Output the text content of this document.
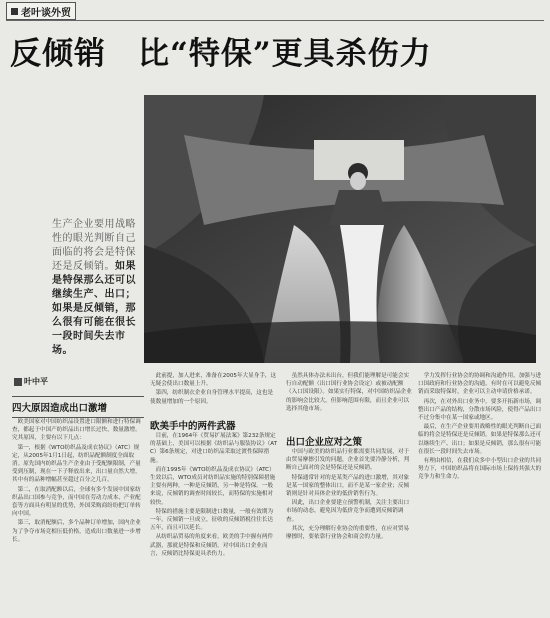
老叶谈外贸
反倾销　比“特保”更具杀伤力
生产企业要用战略性的眼光判断自己面临的将会是特保还是反倾销。如果是特保那么还可以继续生产、出口；如果是反倾销，那么很有可能在很长一段时间失去市场。
叶中平
四大原因造成出口激增
欧美手中的两件武器
出口企业应对之策

欧美国家对中国纺织品设置进口限额和进行特保调查，都起于中国产纺织品出口增长过快，数量激增。究其原因，主要有以下几点：

第一，根据《WTO纺织品及成衣协议》（ATC）规定，从2005年1月1日起，纺织品配额制度全面取消。原先国内纺织品生产企业由于受配额限制，产量受到压制，现在一下子释放出来，出口量自然大增，其中有的品种增幅甚至超过百分之几百。

第二，在取消配额以后，全球有多个发展中国家纺织品出口国参与竞争，而中国在劳动力成本、产业配套等方面具有明显的优势，外国采购商纷纷把订单转向中国。

第三，取消配额后，多个品种订单增加，国内企业为了争夺市场竞相压低价格，造成出口数量进一步增长。

此前提，加人进来，准备在2005年大显身手，这无疑会使出口数量上升。

第四，纺织制衣企业自身管理水平提高，这也是使数量增加的一个原因。

目前，在1964年《贸易扩展法案》第232条规定的基础上，美国可以根据《纺织品与服装协议》（ATC）第6条规定，对进口纺织品采取过渡性保障措施。

而在1995年《WTO纺织品及成衣协议》（ATC）生效以后，WTO成员对纺织品实施的特别保障措施主要有两种，一种是反倾销，另一种是特保。一般来说，反倾销的调查时间较长，而特保的实施相对较快。

特保的措施主要是限制进口数量，一般有效期为一年。反倾销一旦成立，征收的反倾销税往往长达五年，而且可以延长。

从纺织品贸易的角度来看，欧美的手中握有两件武器，那就是特保和反倾销。对中国出口企业而言，反倾销比特保更具杀伤力。

虽然具体办法未出台，但我们能理解是可能会实行自动配额（出口国行业协会设定）或被动配额（入口国设限）。如果实行特保，对中国纺织品企业的影响会比较大，但影响范围有限，而且企业可以选择其他市场。

中国与欧美的纺织品行业都需要共同发展，对于由贸易摩擦引发的问题，企业首先要冷静分析，判断自己面对的会是特保还是反倾销。

特保通常针对的是某类产品的进口激增，其对象是某一国家的整体出口，而不是某一家企业；反倾销则是针对具体企业的低价销售行为。

因此，出口企业要建立预警机制，关注主要出口市场的动态，避免因为低价竞争而遭到反倾销调查。

其次，充分理解行业协会的重要性，在应对贸易摩擦时，要依靠行业协会和商会的力量。

学力发挥行业协会的协调和沟通作用，加强与进口国政府和行业协会的沟通，有时在可以避免反倾销而采取特保时，企业可以主动申请价格承诺。

再次，在对外出口业务中，要多开拓新市场，调整出口产品的结构，分散市场风险，使得产品出口不过分集中在某一国家或地区。

最后，在生产企业要用战略性的眼光判断自己面临的将会是特保还是反倾销。如果是特保那么还可以继续生产、出口；如果是反倾销，那么很有可能在很长一段时间失去市场。

有理由相信，在我们众多中小型出口企业的共同努力下，中国纺织品将在国际市场上保持其强大的竞争力和生命力。
